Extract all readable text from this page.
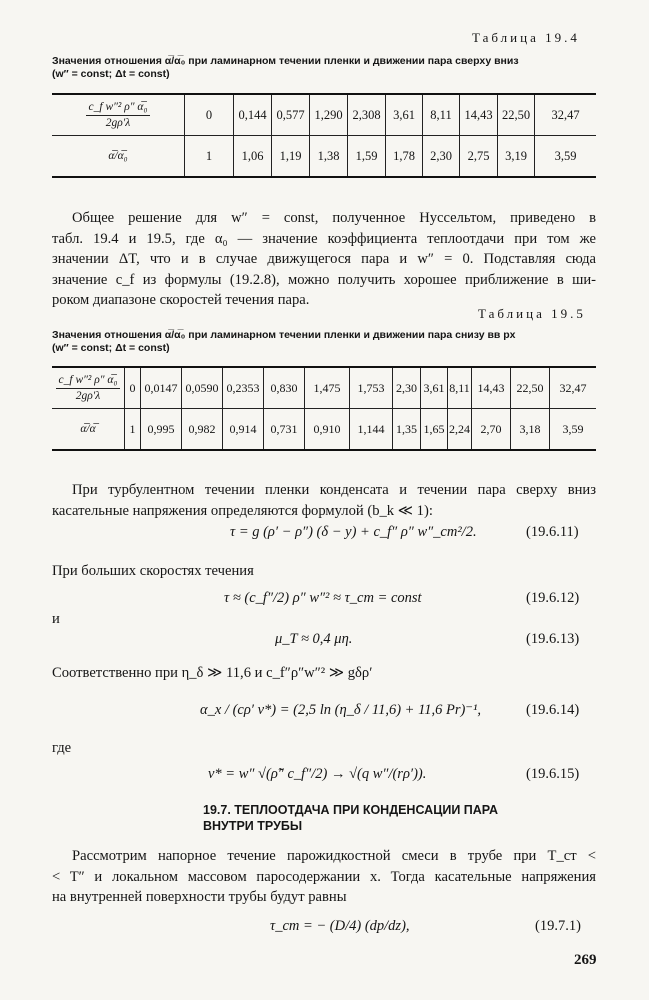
Таблица 19.4
Значения отношения α̅/α̅₀ при ламинарном течении пленки и движении пара сверху вниз
(w″ = const; Δt = const)
$\frac{\text{c\_f w″² ρ″ α̅₀}}{2g\rho'\lambda}$	0	0,144	0,577	1,290	2,308	3,61	8,11	14,43	22,50	32,47
α̅/α̅₀	1	1,06	1,19	1,38	1,59	1,78	2,30	2,75	3,19	3,59
Общее решение для w″ = const, полученное Нуссельтом, приведено в
табл. 19.4 и 19.5, где α₀ — значение коэффициента теплоотдачи при том же
значении ΔT, что и в случае движущегося пара и w″ = 0. Подставляя сюда
значение c_f из формулы (19.2.8), можно получить хорошее приближение в ши-
роком диапазоне скоростей течения пара.
Таблица 19.5
Значения отношения α̅/α̅₀ при ламинарном течении пленки и движении пара снизу вв рх
(w″ = const; Δt = const)
$\frac{\text{c\_f w″² ρ″ α̅₀}}{2g\rho'\lambda}$	0	0,0147	0,0590	0,2353	0,830	1,475	1,753	2,30	3,61	8,11	14,43	22,50	32,47
α̅/α̅	1	0,995	0,982	0,914	0,731	0,910	1,144	1,35	1,65	2,24	2,70	3,18	3,59
При турбулентном течении пленки конденсата и течении пара сверху вниз
касательные напряжения определяются формулой (b_k ≪ 1):
τ = g (ρ′ − ρ″) (δ − y) + c_f″ ρ″ w″_ст²/2.	(19.6.11)
При больших скоростях течения
τ ≈ (c_f″/2) ρ″ w″² ≈ τ_ст = const	(19.6.12)
и
μ_T ≈ 0,4 μη.	(19.6.13)
Соответственно при η_δ ≫ 11,6 и c_f″ρ″w″² ≫ gδρ′
α_x / (cρ′ v*) = (2,5 ln (η_δ / 11,6) + 11,6 Pr)⁻¹,	(19.6.14)
где
v* = w″ √(ρ̃″ c_f″/2) → √(q w″/(rρ′)).	(19.6.15)
19.7. ТЕПЛООТДАЧА ПРИ КОНДЕНСАЦИИ ПАРА
ВНУТРИ ТРУБЫ
Рассмотрим напорное течение парожидкостной смеси в трубе при T_ст <
< T″ и локальном массовом паросодержании x. Тогда касательные напряжения
на внутренней поверхности трубы будут равны
τ_ст = − (D/4) (dp/dz),	(19.7.1)
269
